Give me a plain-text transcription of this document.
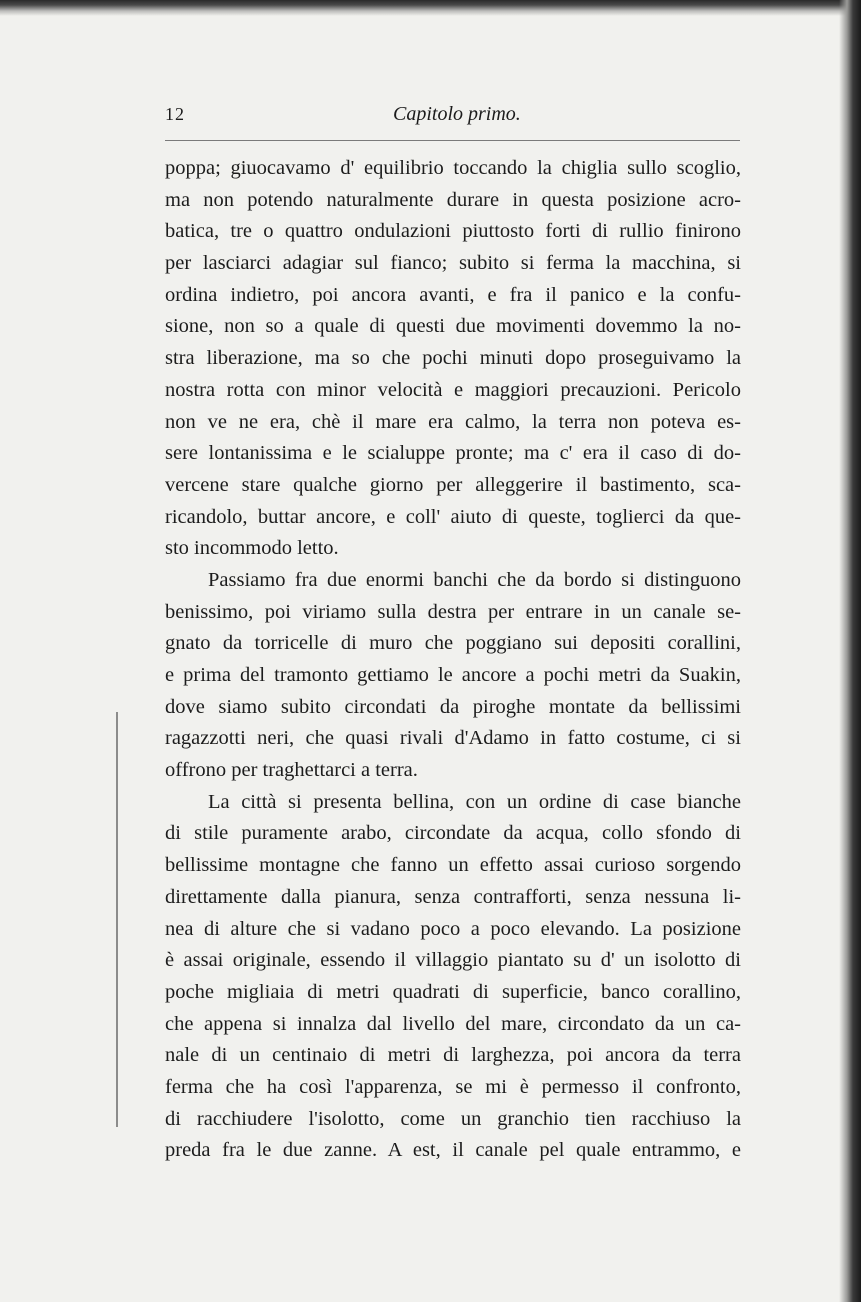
12	Capitolo primo.
poppa; giuocavamo d' equilibrio toccando la chiglia sullo scoglio,
ma non potendo naturalmente durare in questa posizione acro-
batica, tre o quattro ondulazioni piuttosto forti di rullio finirono
per lasciarci adagiar sul fianco; subito si ferma la macchina, si
ordina indietro, poi ancora avanti, e fra il panico e la confu-
sione, non so a quale di questi due movimenti dovemmo la no-
stra liberazione, ma so che pochi minuti dopo proseguivamo la
nostra rotta con minor velocità e maggiori precauzioni. Pericolo
non ve ne era, chè il mare era calmo, la terra non poteva es-
sere lontanissima e le scialuppe pronte; ma c' era il caso di do-
vercene stare qualche giorno per alleggerire il bastimento, sca-
ricandolo, buttar ancore, e coll' aiuto di queste, toglierci da que-
sto incommodo letto.
Passiamo fra due enormi banchi che da bordo si distinguono
benissimo, poi viriamo sulla destra per entrare in un canale se-
gnato da torricelle di muro che poggiano sui depositi corallini,
e prima del tramonto gettiamo le ancore a pochi metri da Suakin,
dove siamo subito circondati da piroghe montate da bellissimi
ragazzotti neri, che quasi rivali d'Adamo in fatto costume, ci si
offrono per traghettarci a terra.
La città si presenta bellina, con un ordine di case bianche
di stile puramente arabo, circondate da acqua, collo sfondo di
bellissime montagne che fanno un effetto assai curioso sorgendo
direttamente dalla pianura, senza contrafforti, senza nessuna li-
nea di alture che si vadano poco a poco elevando. La posizione
è assai originale, essendo il villaggio piantato su d' un isolotto di
poche migliaia di metri quadrati di superficie, banco corallino,
che appena si innalza dal livello del mare, circondato da un ca-
nale di un centinaio di metri di larghezza, poi ancora da terra
ferma che ha così l'apparenza, se mi è permesso il confronto,
di racchiudere l'isolotto, come un granchio tien racchiuso la
preda fra le due zanne. A est, il canale pel quale entrammo, e
